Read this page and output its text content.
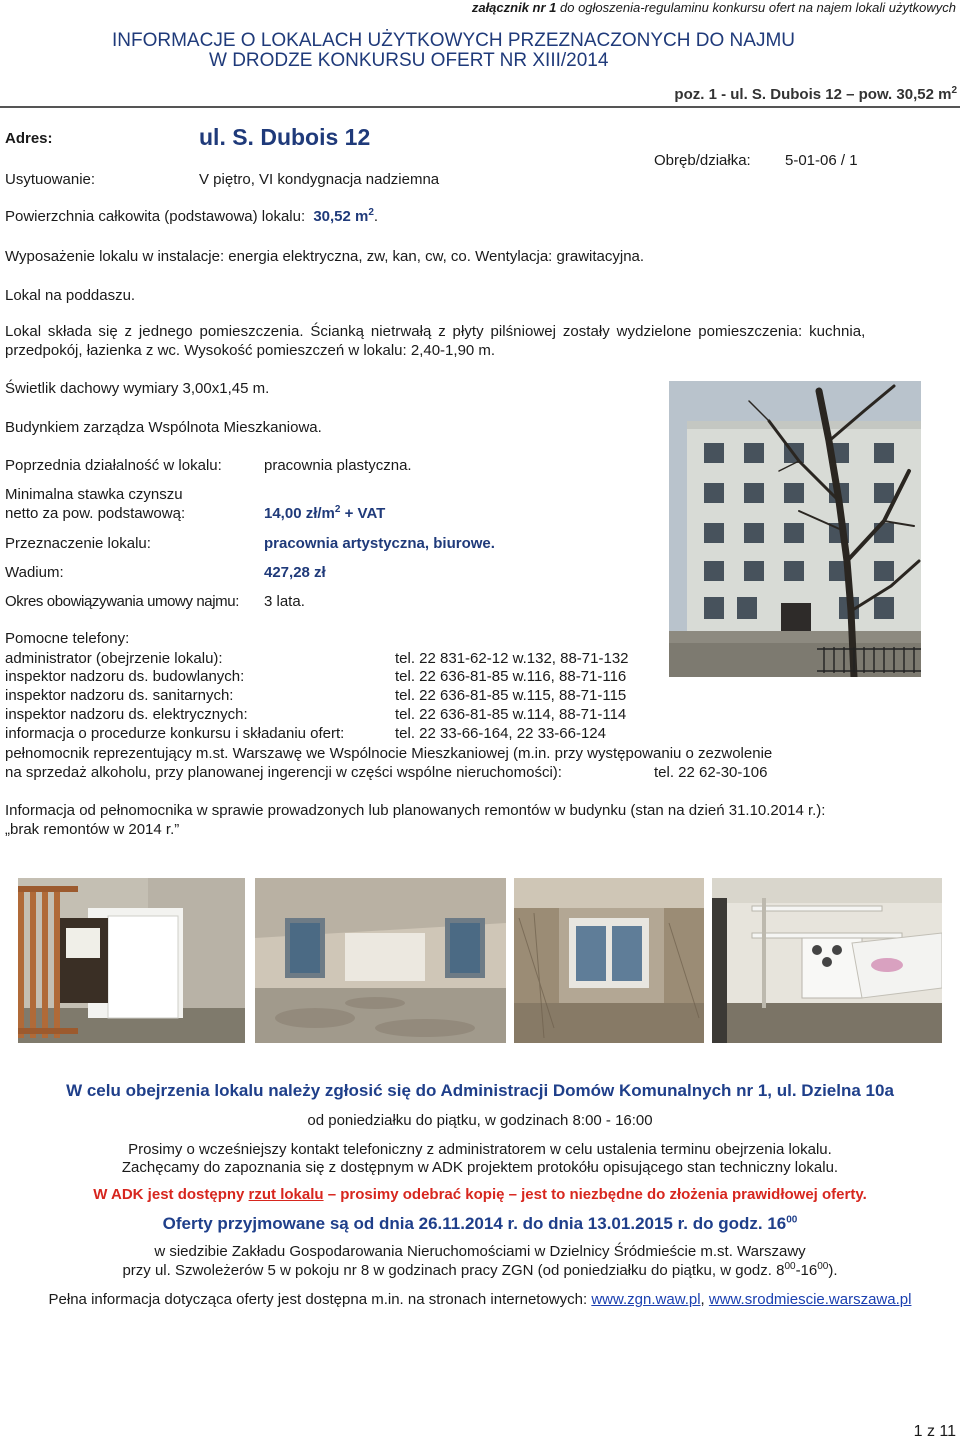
załącznik nr 1 do ogłoszenia-regulaminu konkursu ofert na najem lokali użytkowych
INFORMACJE O LOKALACH UŻYTKOWYCH PRZEZNACZONYCH DO NAJMU
W DRODZE KONKURSU OFERT NR XIII/2014
poz. 1 - ul. S. Dubois 12 – pow. 30,52 $m^2$
Adres:	ul. S. Dubois 12
Usytuowanie:	V piętro, VI kondygnacja nadziemna
Obręb/działka: 5-01-06 / 1
Powierzchnia całkowita (podstawowa) lokalu: 30,52 $m^2$.
Wyposażenie lokalu w instalacje: energia elektryczna, zw, kan, cw, co. Wentylacja: grawitacyjna.
Lokal na poddaszu.
Lokal składa się z jednego pomieszczenia. Ścianką nietrwałą z płyty pilśniowej zostały wydzielone pomieszczenia: kuchnia,
przedpokój, łazienka z wc. Wysokość pomieszczeń w lokalu: 2,40-1,90 m.
Świetlik dachowy wymiary 3,00x1,45 m.
Budynkiem zarządza Wspólnota Mieszkaniowa.
Poprzednia działalność w lokalu:	pracownia plastyczna.
Minimalna stawka czynszu
netto za pow. podstawową:	14,00 $zł/m^2$ + VAT
Przeznaczenie lokalu:	pracownia artystyczna, biurowe.
Wadium:	427,28 zł
Okres obowiązywania umowy najmu: 3 lata.
Pomocne telefony:
administrator (obejrzenie lokalu):	tel. 22 831-62-12 w.132, 88-71-132
inspektor nadzoru ds. budowlanych:	tel. 22 636-81-85 w.116, 88-71-116
inspektor nadzoru ds. sanitarnych:	tel. 22 636-81-85 w.115, 88-71-115
inspektor nadzoru ds. elektrycznych:	tel. 22 636-81-85 w.114, 88-71-114
informacja o procedurze konkursu i składaniu ofert:	tel. 22 33-66-164, 22 33-66-124
pełnomocnik reprezentujący m.st. Warszawę we Wspólnocie Mieszkaniowej (m.in. przy występowaniu o zezwolenie
na sprzedaż alkoholu, przy planowanej ingerencji w części wspólne nieruchomości):	tel. 22 62-30-106
Informacja od pełnomocnika w sprawie prowadzonych lub planowanych remontów w budynku (stan na dzień 31.10.2014 r.):
„brak remontów w 2014 r.”
W celu obejrzenia lokalu należy zgłosić się do Administracji Domów Komunalnych nr 1, ul. Dzielna 10a
od poniedziałku do piątku, w godzinach 8:00 - 16:00
Prosimy o wcześniejszy kontakt telefoniczny z administratorem w celu ustalenia terminu obejrzenia lokalu.
Zachęcamy do zapoznania się z dostępnym w ADK projektem protokółu opisującego stan techniczny lokalu.
W ADK jest dostępny rzut lokalu – prosimy odebrać kopię – jest to niezbędne do złożenia prawidłowej oferty.
Oferty przyjmowane są od dnia 26.11.2014 r. do dnia 13.01.2015 r. do godz. $16^{00}$
w siedzibie Zakładu Gospodarowania Nieruchomościami w Dzielnicy Śródmieście m.st. Warszawy
przy ul. Szwoleżerów 5 w pokoju nr 8 w godzinach pracy ZGN (od poniedziałku do piątku, w godz. $8^{00}-16^{00}$).
Pełna informacja dotycząca oferty jest dostępna m.in. na stronach internetowych: www.zgn.waw.pl, www.srodmiescie.warszawa.pl
1 z 11
